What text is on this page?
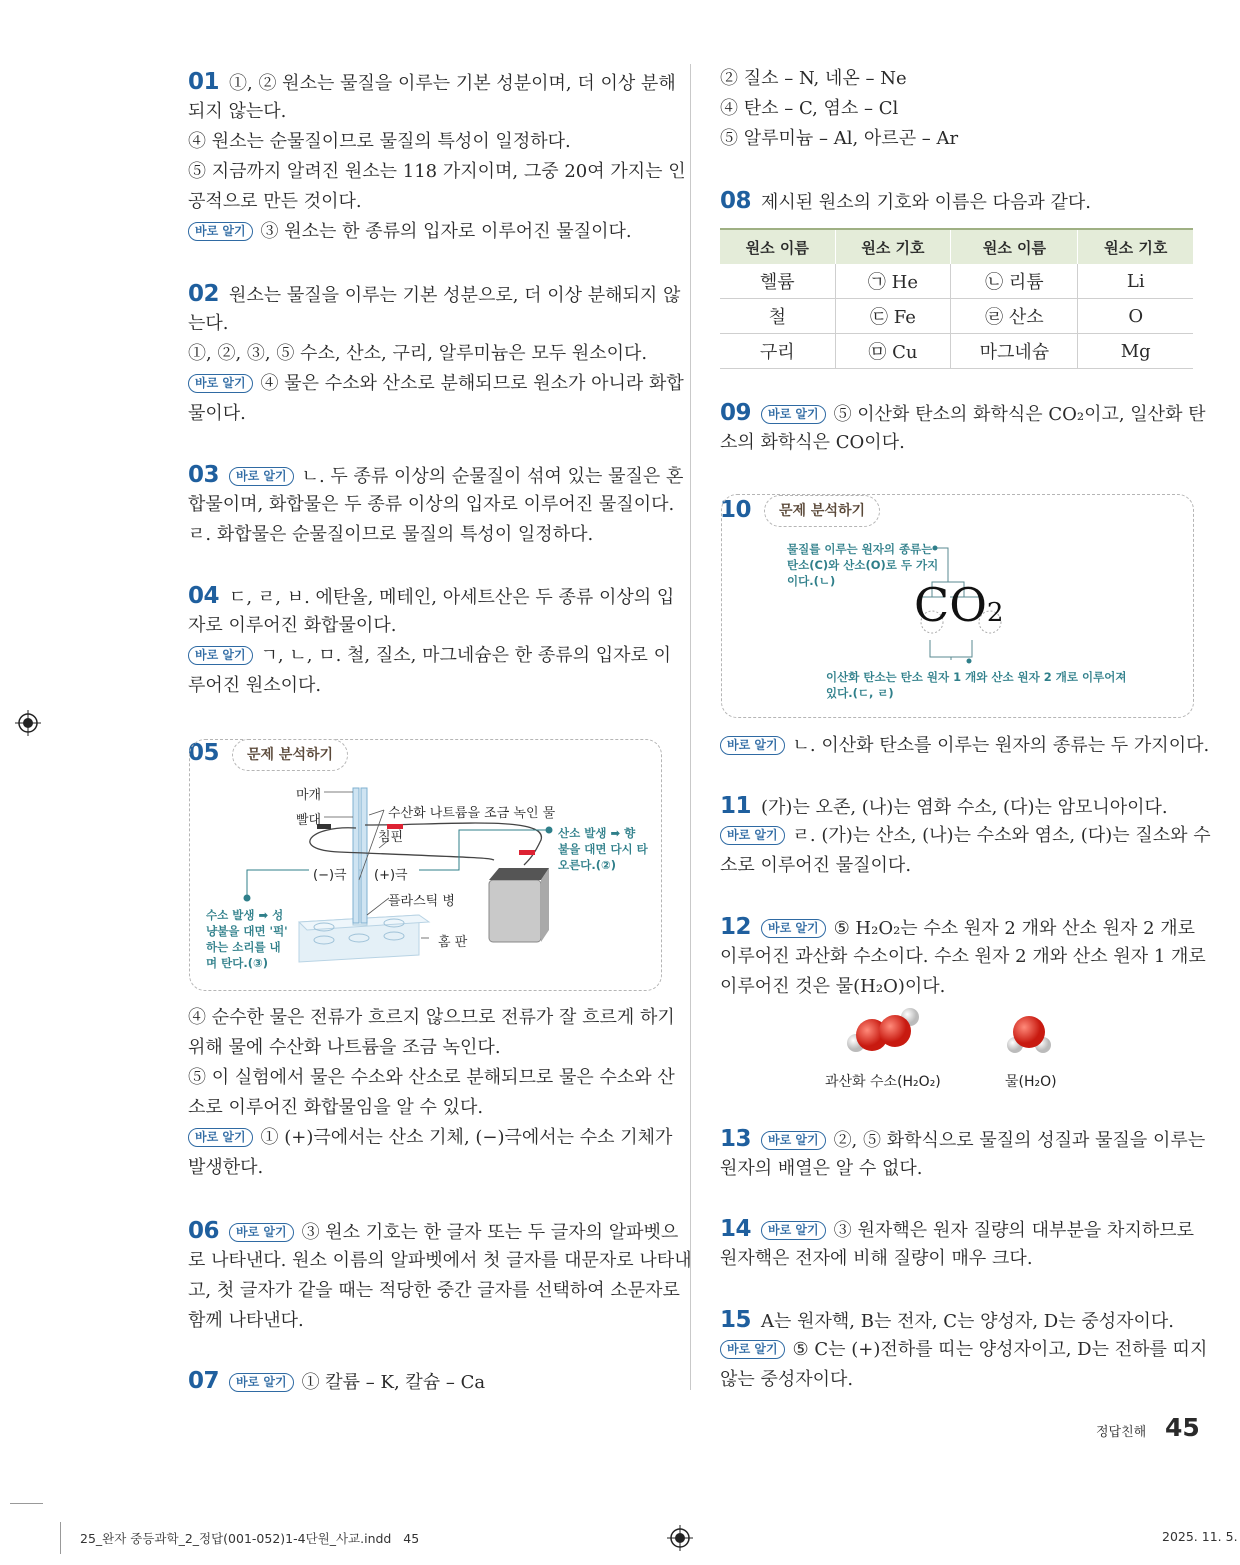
01 ①, ② 원소는 물질을 이루는 기본 성분이며, 더 이상 분해
되지 않는다.
④ 원소는 순물질이므로 물질의 특성이 일정하다.
⑤ 지금까지 알려진 원소는 118 가지이며, 그중 20여 가지는 인
공적으로 만든 것이다.
바로 알기 ③ 원소는 한 종류의 입자로 이루어진 물질이다.
02 원소는 물질을 이루는 기본 성분으로, 더 이상 분해되지 않
는다.
①, ②, ③, ⑤ 수소, 산소, 구리, 알루미늄은 모두 원소이다.
바로 알기 ④ 물은 수소와 산소로 분해되므로 원소가 아니라 화합
물이다.
03 바로 알기 ㄴ. 두 종류 이상의 순물질이 섞여 있는 물질은 혼
합물이며, 화합물은 두 종류 이상의 입자로 이루어진 물질이다.
ㄹ. 화합물은 순물질이므로 물질의 특성이 일정하다.
04 ㄷ, ㄹ, ㅂ. 에탄올, 메테인, 아세트산은 두 종류 이상의 입
자로 이루어진 화합물이다.
바로 알기 ㄱ, ㄴ, ㅁ. 철, 질소, 마그네슘은 한 종류의 입자로 이
루어진 원소이다.
④ 순수한 물은 전류가 흐르지 않으므로 전류가 잘 흐르게 하기
위해 물에 수산화 나트륨을 조금 녹인다.
⑤ 이 실험에서 물은 수소와 산소로 분해되므로 물은 수소와 산
소로 이루어진 화합물임을 알 수 있다.
바로 알기 ① (+)극에서는 산소 기체, (−)극에서는 수소 기체가
발생한다.
06 바로 알기 ③ 원소 기호는 한 글자 또는 두 글자의 알파벳으
로 나타낸다. 원소 이름의 알파벳에서 첫 글자를 대문자로 나타내
고, 첫 글자가 같을 때는 적당한 중간 글자를 선택하여 소문자로
함께 나타낸다.
07 바로 알기 ① 칼륨 – K, 칼슘 – Ca
② 질소 – N, 네온 – Ne
④ 탄소 – C, 염소 – Cl
⑤ 알루미늄 – Al, 아르곤 – Ar
08 제시된 원소의 기호와 이름은 다음과 같다.
09 바로 알기 ⑤ 이산화 탄소의 화학식은 CO₂이고, 일산화 탄
소의 화학식은 CO이다.
바로 알기 ㄴ. 이산화 탄소를 이루는 원자의 종류는 두 가지이다.
11 (가)는 오존, (나)는 염화 수소, (다)는 암모니아이다.
바로 알기 ㄹ. (가)는 산소, (나)는 수소와 염소, (다)는 질소와 수
소로 이루어진 물질이다.
12 바로 알기 ⑤ H₂O₂는 수소 원자 2 개와 산소 원자 2 개로
이루어진 과산화 수소이다. 수소 원자 2 개와 산소 원자 1 개로
이루어진 것은 물(H₂O)이다.
13 바로 알기 ②, ⑤ 화학식으로 물질의 성질과 물질을 이루는
원자의 배열은 알 수 없다.
14 바로 알기 ③ 원자핵은 원자 질량의 대부분을 차지하므로
원자핵은 전자에 비해 질량이 매우 크다.
15 A는 원자핵, B는 전자, C는 양성자, D는 중성자이다.
바로 알기 ⑤ C는 (+)전하를 띠는 양성자이고, D는 전하를 띠지
않는 중성자이다.
05	문제 분석하기
마개
빨대	수산화 나트륨을 조금 녹인 물
침핀
(−)극 (+)극
플라스틱 병
홈 판
산소 발생 ➡ 향
불을 대면 다시 타
오른다.(②)
수소 발생 ➡ 성
냥불을 대면 '퍽'
하는 소리를 내
며 탄다.(③)
원소 이름	원소 기호	원소 이름	원소 기호
헬륨	㉠ He	㉡ 리튬	Li
철	㉢ Fe	㉣ 산소	O
구리	㉤ Cu	마그네슘	Mg
10	문제 분석하기
물질를 이루는 원자의 종류는
탄소(C)와 산소(O)로 두 가지
이다.(ㄴ)
이산화 탄소는 탄소 원자 1 개와 산소 원자 2 개로 이루어져
있다.(ㄷ, ㄹ)
CO2
과산화 수소(H₂O₂)	물(H₂O)
정답친해 45
25_완자 중등과학_2_정답(001-052)1-4단원_사교.indd   45	2025. 11. 5.
